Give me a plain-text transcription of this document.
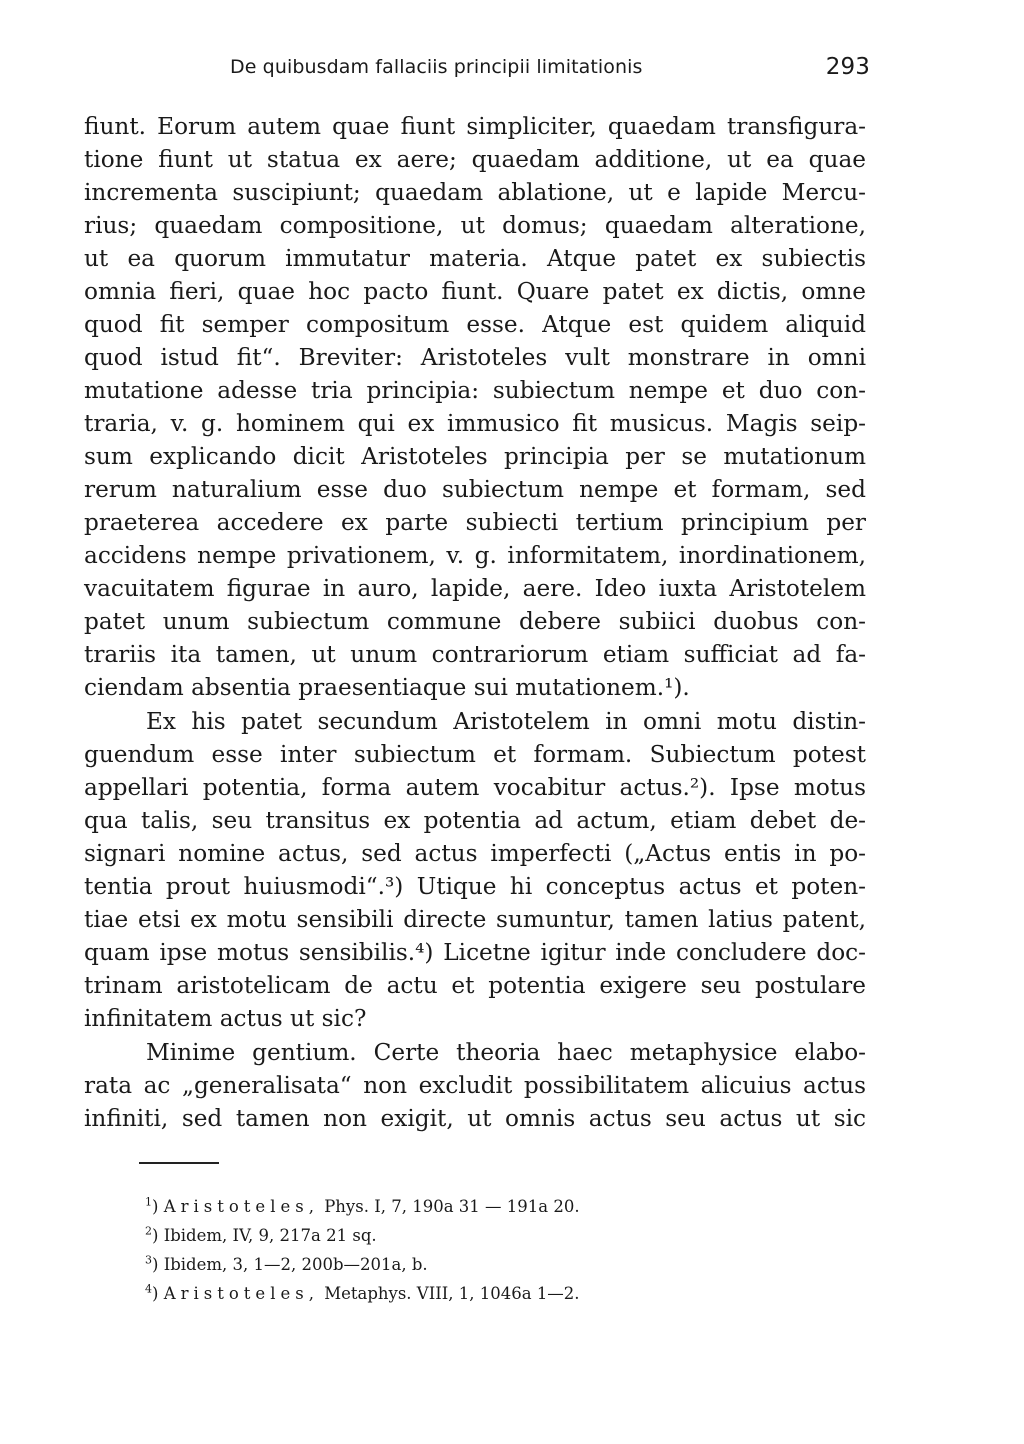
De quibusdam fallaciis principii limitationis	293
fiunt. Eorum autem quae fiunt simpliciter, quaedam transfigura-
tione fiunt ut statua ex aere; quaedam additione, ut ea quae
incrementa suscipiunt; quaedam ablatione, ut e lapide Mercu-
rius; quaedam compositione, ut domus; quaedam alteratione,
ut ea quorum immutatur materia. Atque patet ex subiectis
omnia fieri, quae hoc pacto fiunt. Quare patet ex dictis, omne
quod fit semper compositum esse. Atque est quidem aliquid
quod istud fit“. Breviter: Aristoteles vult monstrare in omni
mutatione adesse tria principia: subiectum nempe et duo con-
traria, v. g. hominem qui ex immusico fit musicus. Magis seip-
sum explicando dicit Aristoteles principia per se mutationum
rerum naturalium esse duo subiectum nempe et formam, sed
praeterea accedere ex parte subiecti tertium principium per
accidens nempe privationem, v. g. informitatem, inordinationem,
vacuitatem figurae in auro, lapide, aere. Ideo iuxta Aristotelem
patet unum subiectum commune debere subiici duobus con-
trariis ita tamen, ut unum contrariorum etiam sufficiat ad fa-
ciendam absentia praesentiaque sui mutationem.¹).
Ex his patet secundum Aristotelem in omni motu distin-
guendum esse inter subiectum et formam. Subiectum potest
appellari potentia, forma autem vocabitur actus.²). Ipse motus
qua talis, seu transitus ex potentia ad actum, etiam debet de-
signari nomine actus, sed actus imperfecti („Actus entis in po-
tentia prout huiusmodi“.³) Utique hi conceptus actus et poten-
tiae etsi ex motu sensibili directe sumuntur, tamen latius patent,
quam ipse motus sensibilis.⁴) Licetne igitur inde concludere doc-
trinam aristotelicam de actu et potentia exigere seu postulare
infinitatem actus ut sic?
Minime gentium. Certe theoria haec metaphysice elabo-
rata ac „generalisata“ non excludit possibilitatem alicuius actus
infiniti, sed tamen non exigit, ut omnis actus seu actus ut sic
$^1$) Aristoteles, Phys. I, 7, 190a 31 — 191a 20.
$^2$) Ibidem, IV, 9, 217a 21 sq.
$^3$) Ibidem, 3, 1—2, 200b—201a, b.
$^4$) Aristoteles, Metaphys. VIII, 1, 1046a 1—2.
